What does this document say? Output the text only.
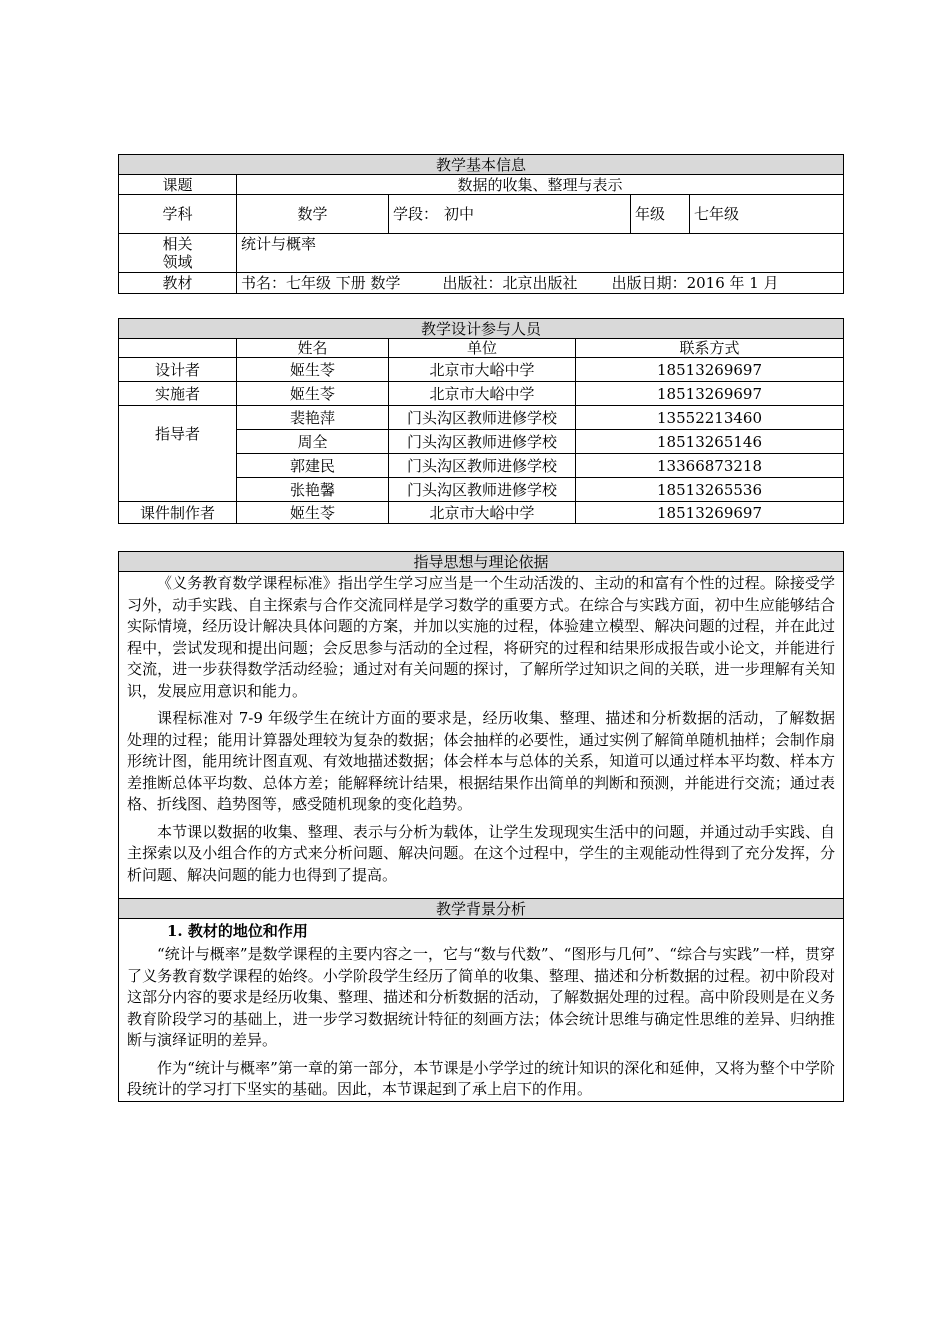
教学基本信息				
课题	数据的收集、整理与表示			
学科	数学	学段： 初中	年级	七年级

相关
领域	统计与概率			
教材	书名：七年级 下册 数学 出版社：北京出版社 出版日期：2016 年 1 月			
教学设计参与人员			
	姓名	单位	联系方式
设计者	姬生苓	北京市大峪中学	18513269697
实施者	姬生苓	北京市大峪中学	18513269697
指导者	裴艳萍	门头沟区教师进修学校	13552213460
	周全	门头沟区教师进修学校	18513265146
	郭建民	门头沟区教师进修学校	13366873218
	张艳馨	门头沟区教师进修学校	18513265536
课件制作者	姬生苓	北京市大峪中学	18513269697
指导思想与理论依据

《义务教育数学课程标准》指出学生学习应当是一个生动活泼的、主动的和富有个性的过程。除接受学习外，动手实践、自主探索与合作交流同样是学习数学的重要方式。在综合与实践方面，初中生应能够结合实际情境，经历设计解决具体问题的方案，并加以实施的过程，体验建立模型、解决问题的过程，并在此过程中，尝试发现和提出问题；会反思参与活动的全过程，将研究的过程和结果形成报告或小论文，并能进行交流，进一步获得数学活动经验；通过对有关问题的探讨，了解所学过知识之间的关联，进一步理解有关知识，发展应用意识和能力。

课程标准对 7-9 年级学生在统计方面的要求是，经历收集、整理、描述和分析数据的活动，了解数据处理的过程；能用计算器处理较为复杂的数据；体会抽样的必要性，通过实例了解简单随机抽样；会制作扇形统计图，能用统计图直观、有效地描述数据；体会样本与总体的关系，知道可以通过样本平均数、样本方差推断总体平均数、总体方差；能解释统计结果，根据结果作出简单的判断和预测，并能进行交流；通过表格、折线图、趋势图等，感受随机现象的变化趋势。

本节课以数据的收集、整理、表示与分析为载体，让学生发现现实生活中的问题，并通过动手实践、自主探索以及小组合作的方式来分析问题、解决问题。在这个过程中，学生的主观能动性得到了充分发挥，分析问题、解决问题的能力也得到了提高。

教学背景分析

1. 教材的地位和作用

“统计与概率”是数学课程的主要内容之一，它与“数与代数”、“图形与几何”、“综合与实践”一样，贯穿了义务教育数学课程的始终。小学阶段学生经历了简单的收集、整理、描述和分析数据的过程。初中阶段对这部分内容的要求是经历收集、整理、描述和分析数据的活动，了解数据处理的过程。高中阶段则是在义务教育阶段学习的基础上，进一步学习数据统计特征的刻画方法；体会统计思维与确定性思维的差异、归纳推断与演绎证明的差异。

作为“统计与概率”第一章的第一部分，本节课是小学学过的统计知识的深化和延伸，又将为整个中学阶段统计的学习打下坚实的基础。因此，本节课起到了承上启下的作用。
